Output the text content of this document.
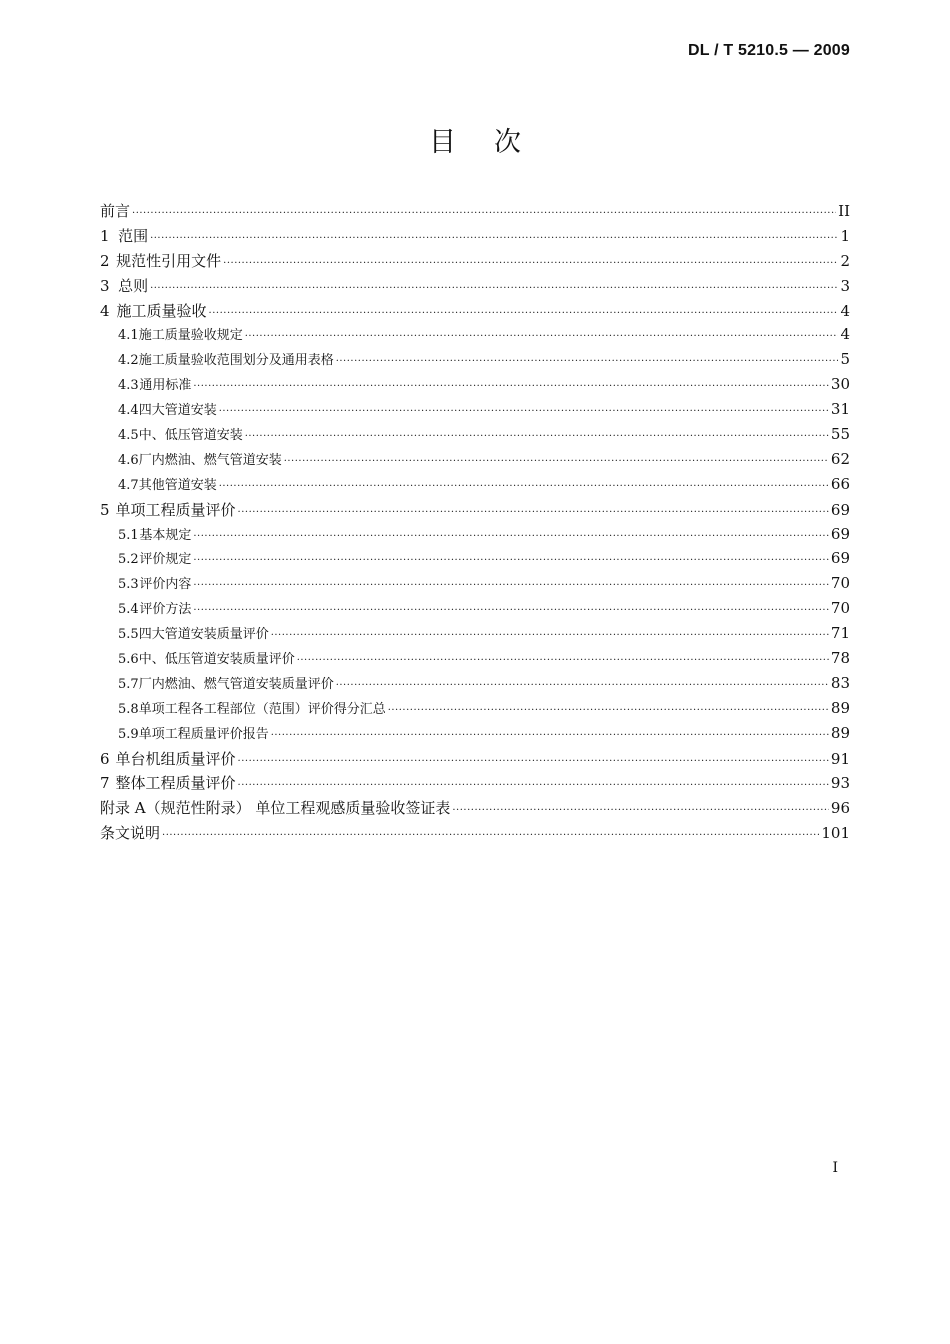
DL / T 5210.5 — 2009
目次
前言 ·····	II
1 范围 ·····	1
2 规范性引用文件 ·····	2
3 总则 ·····	3
4 施工质量验收 ·····	4
4.1 施工质量验收规定 ·····	4
4.2 施工质量验收范围划分及通用表格 ·····	5
4.3 通用标准 ·····	30
4.4 四大管道安装 ·····	31
4.5 中、低压管道安装 ·····	55
4.6 厂内燃油、燃气管道安装 ·····	62
4.7 其他管道安装 ·····	66
5 单项工程质量评价 ·····	69
5.1 基本规定 ·····	69
5.2 评价规定 ·····	69
5.3 评价内容 ·····	70
5.4 评价方法 ·····	70
5.5 四大管道安装质量评价 ·····	71
5.6 中、低压管道安装质量评价 ·····	78
5.7 厂内燃油、燃气管道安装质量评价 ·····	83
5.8 单项工程各工程部位（范围）评价得分汇总 ·····	89
5.9 单项工程质量评价报告 ·····	89
6 单台机组质量评价 ·····	91
7 整体工程质量评价 ·····	93
附录 A（规范性附录） 单位工程观感质量验收签证表 ·····	96
条文说明 ·····	101
I
